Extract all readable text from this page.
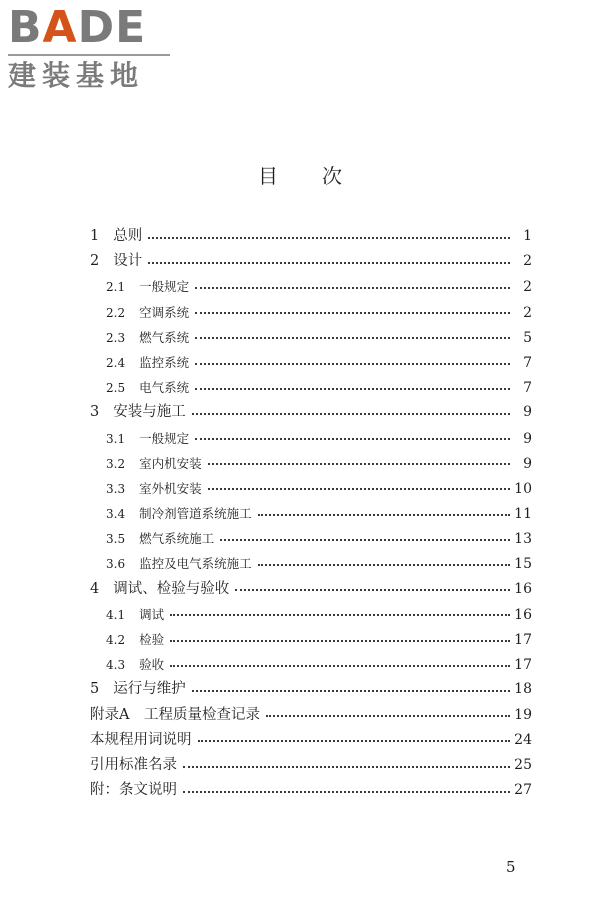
BADE
建装基地
目 次
1 总则	1
2 设计	2
2.1 一般规定	2
2.2 空调系统	2
2.3 燃气系统	5
2.4 监控系统	7
2.5 电气系统	7
3 安装与施工	9
3.1 一般规定	9
3.2 室内机安装	9
3.3 室外机安装	10
3.4 制冷剂管道系统施工	11
3.5 燃气系统施工	13
3.6 监控及电气系统施工	15
4 调试、检验与验收	16
4.1 调试	16
4.2 检验	17
4.3 验收	17
5 运行与维护	18
附录A　工程质量检查记录	19
本规程用词说明	24
引用标准名录	25
附：条文说明	27
5
